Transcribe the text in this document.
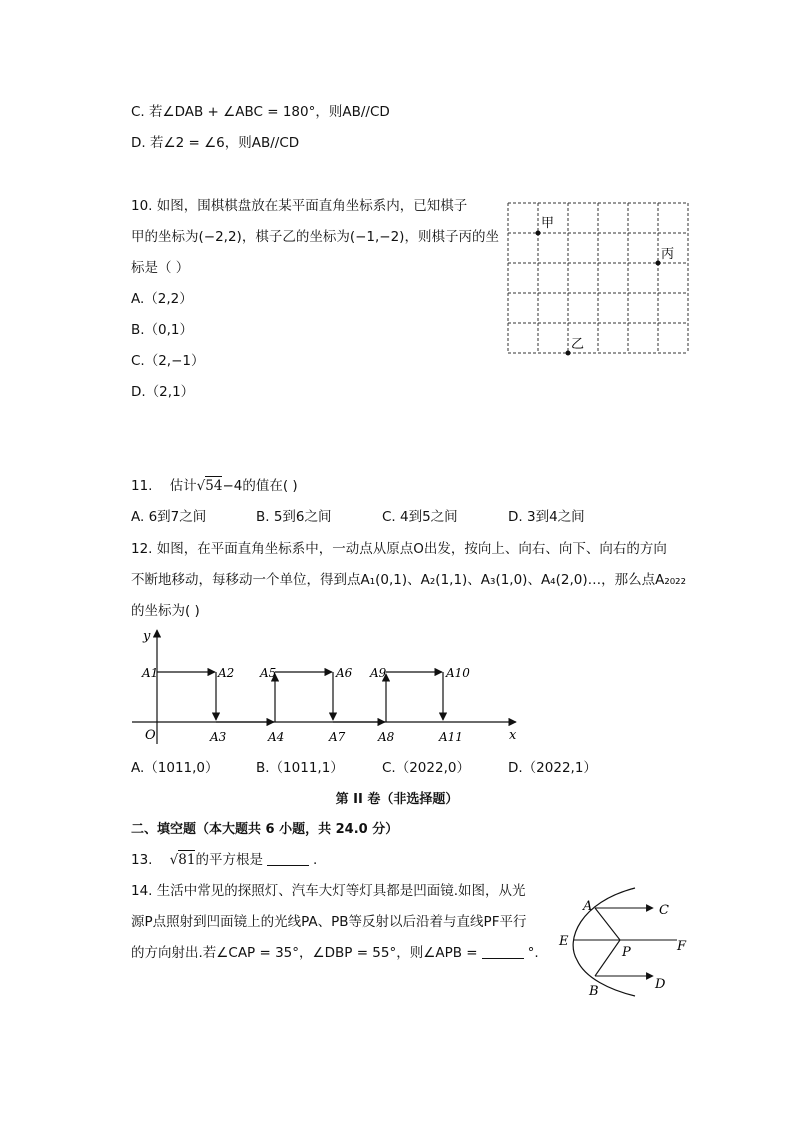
C. 若∠DAB + ∠ABC = 180°，则AB//CD
D. 若∠2 = ∠6，则AB//CD
10. 如图，围棋棋盘放在某平面直角坐标系内，已知棋子
甲的坐标为(−2,2)，棋子乙的坐标为(−1,−2)，则棋子丙的坐
标是（ ）
A.（2,2）
B.（0,1）
C.（2,−1）
D.（2,1）
甲
丙
乙
11. 估计√54−4的值在( )
A. 6到7之间	B. 5到6之间	C. 4到5之间	D. 3到4之间
12. 如图，在平面直角坐标系中，一动点从原点O出发，按向上、向右、向下、向右的方向
不断地移动，每移动一个单位，得到点A₁(0,1)、A₂(1,1)、A₃(1,0)、A₄(2,0)…，那么点A₂₀₂₂
的坐标为( )
y
x
O
A1	A2
A3	A4
A5	A6
A7	A8
A9	A10
A11
A.（1011,0）	B.（1011,1）	C.（2022,0）	D.（2022,1）
第 II 卷（非选择题）
二、填空题（本大题共 6 小题，共 24.0 分）
13. √81的平方根是	.
14. 生活中常见的探照灯、汽车大灯等灯具都是凹面镜.如图，从光
源P点照射到凹面镜上的光线PA、PB等反射以后沿着与直线PF平行
的方向射出.若∠CAP = 35°，∠DBP = 55°，则∠APB =	°.
A	C
E
P	F
B	D
